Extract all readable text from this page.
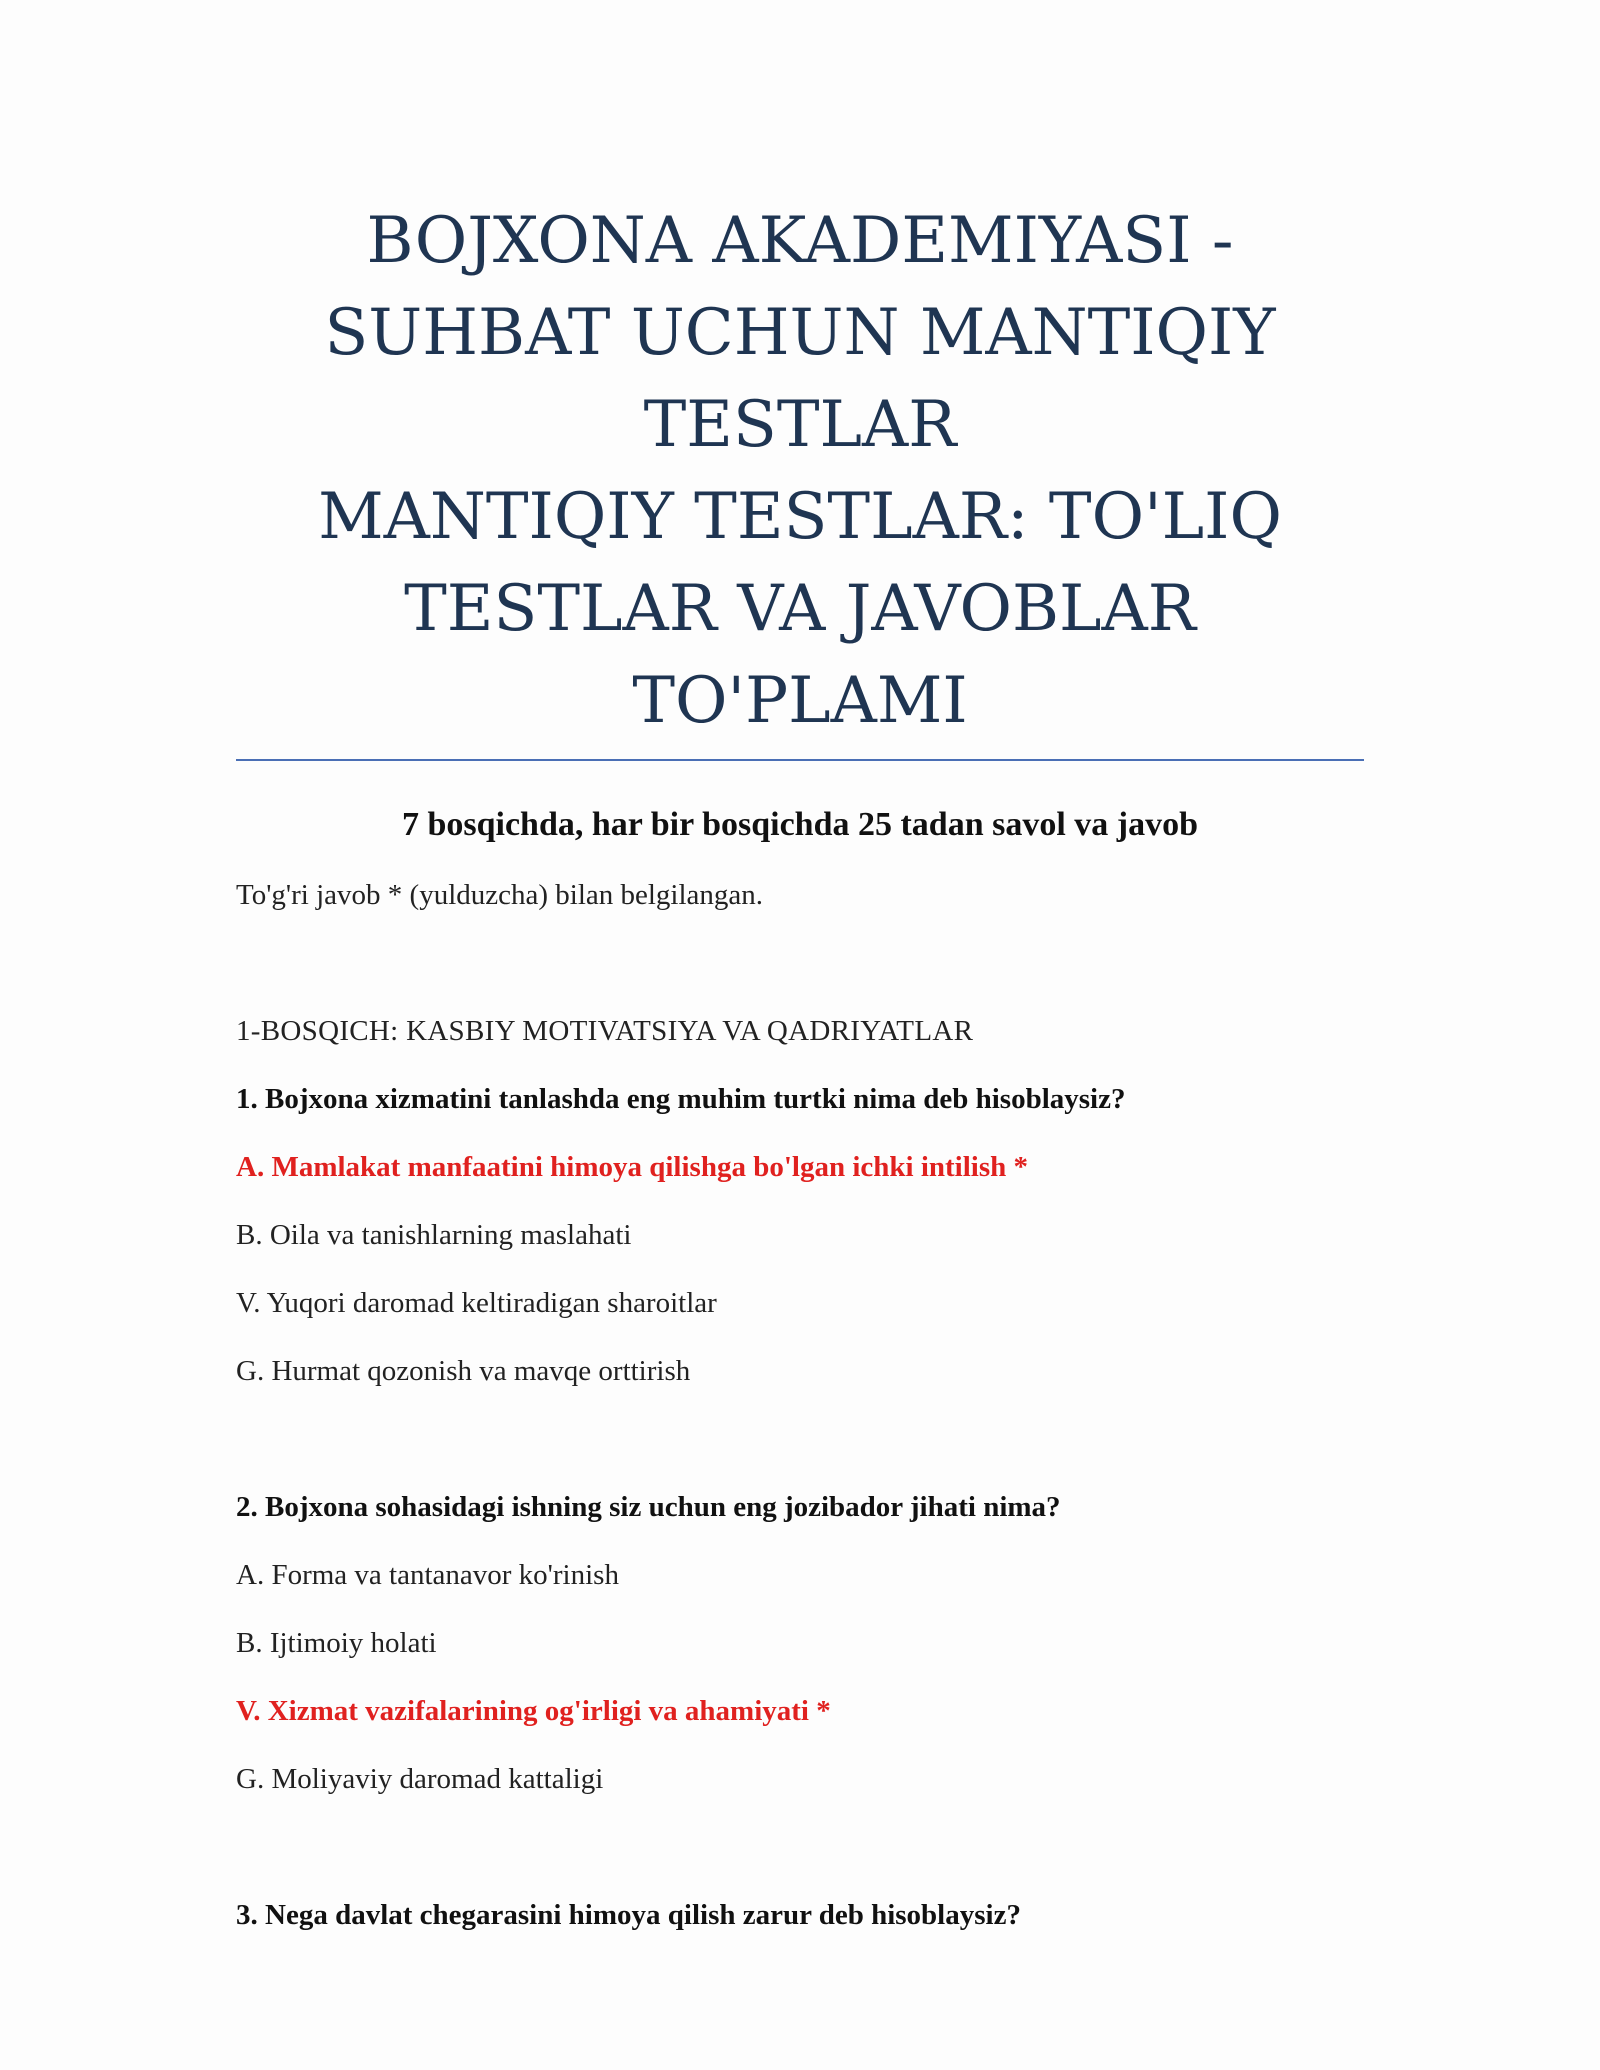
BOJXONA AKADEMIYASI -
SUHBAT UCHUN MANTIQIY
TESTLAR
MANTIQIY TESTLAR: TO'LIQ
TESTLAR VA JAVOBLAR TO'PLAMI
7 bosqichda, har bir bosqichda 25 tadan savol va javob
To'g'ri javob * (yulduzcha) bilan belgilangan.
1-BOSQICH: KASBIY MOTIVATSIYA VA QADRIYATLAR
1. Bojxona xizmatini tanlashda eng muhim turtki nima deb hisoblaysiz?
A. Mamlakat manfaatini himoya qilishga bo'lgan ichki intilish *
B. Oila va tanishlarning maslahati
V. Yuqori daromad keltiradigan sharoitlar
G. Hurmat qozonish va mavqe orttirish
2. Bojxona sohasidagi ishning siz uchun eng jozibador jihati nima?
A. Forma va tantanavor ko'rinish
B. Ijtimoiy holati
V. Xizmat vazifalarining og'irligi va ahamiyati *
G. Moliyaviy daromad kattaligi
3. Nega davlat chegarasini himoya qilish zarur deb hisoblaysiz?
